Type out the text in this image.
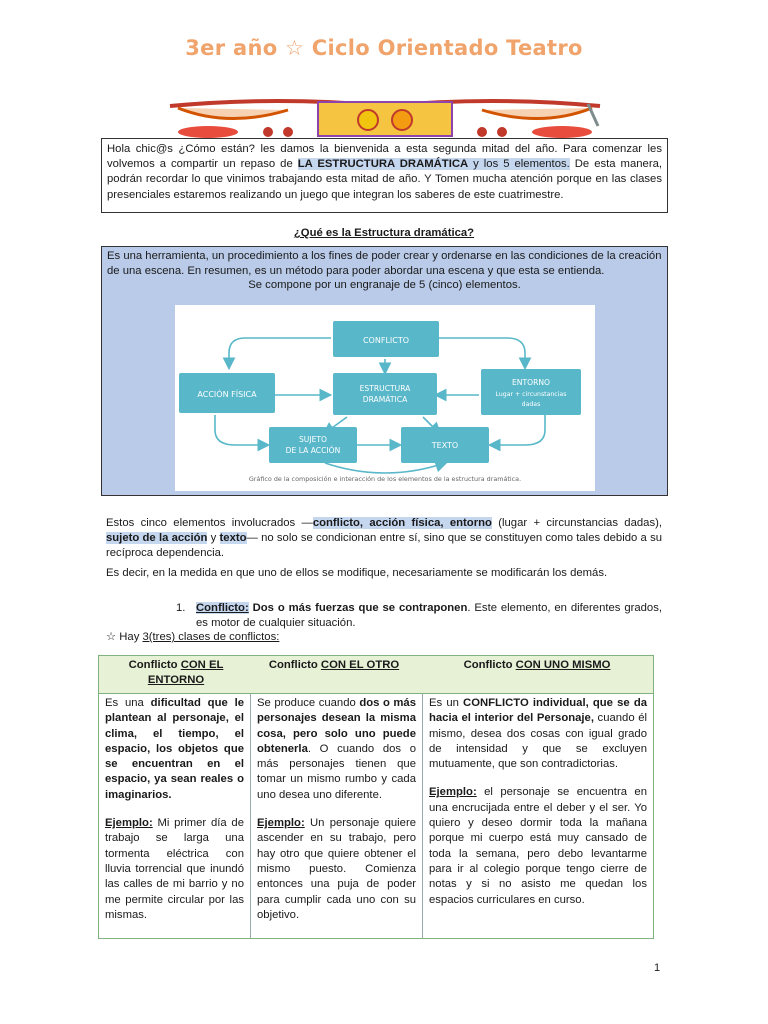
3er año ☆ Ciclo Orientado Teatro
Hola chic@s ¿Cómo están? les damos la bienvenida a esta segunda mitad del año. Para comenzar les volvemos a compartir un repaso de LA ESTRUCTURA DRAMÁTICA y los 5 elementos. De esta manera, podrán recordar lo que vinimos trabajando esta mitad de año. Y Tomen mucha atención porque en las clases presenciales estaremos realizando un juego que integran los saberes de este cuatrimestre.
¿Qué es la Estructura dramática?

Es una herramienta, un procedimiento a los fines de poder crear y ordenarse en las condiciones de la creación de una escena. En resumen, es un método para poder abordar una escena y que esta se entienda.

Se compone por un engranaje de 5 (cinco) elementos.

CONFLICTO
ACCIÓN FÍSICA
ESTRUCTURA
DRAMÁTICA
ENTORNO
Lugar + circunstancias
dadas
SUJETO
DE LA ACCIÓN
TEXTO
Gráfico de la composición e interacción de los elementos de la estructura dramática.
Estos cinco elementos involucrados —conflicto, acción física, entorno (lugar + circunstancias dadas), sujeto de la acción y texto— no solo se condicionan entre sí, sino que se constituyen como tales debido a su recíproca dependencia.
Es decir, en la medida en que uno de ellos se modifique, necesariamente se modificarán los demás.
1. Conflicto: Dos o más fuerzas que se contraponen. Este elemento, en diferentes grados, es motor de cualquier situación.
☆ Hay 3(tres) clases de conflictos:
Conflicto CON EL ENTORNO
Conflicto CON EL OTRO	Conflicto CON UNO MISMO
Es una dificultad que le plantean al personaje, el clima, el tiempo, el espacio, los objetos que se encuentran en el espacio, ya sean reales o imaginarios.
Ejemplo: Mi primer día de trabajo se larga una tormenta eléctrica con lluvia torrencial que inundó las calles de mi barrio y no me permite circular por las mismas.
Se produce cuando dos o más personajes desean la misma cosa, pero solo uno puede obtenerla. O cuando dos o más personajes tienen que tomar un mismo rumbo y cada uno desea uno diferente.
Ejemplo: Un personaje quiere ascender en su trabajo, pero hay otro que quiere obtener el mismo puesto. Comienza entonces una puja de poder para cumplir cada uno con su objetivo.
Es un CONFLICTO individual, que se da hacia el interior del Personaje, cuando él mismo, desea dos cosas con igual grado de intensidad y que se excluyen mutuamente, que son contradictorias.
Ejemplo: el personaje se encuentra en una encrucijada entre el deber y el ser. Yo quiero y deseo dormir toda la mañana porque mi cuerpo está muy cansado de toda la semana, pero debo levantarme para ir al colegio porque tengo cierre de notas y si no asisto me quedan los espacios curriculares en curso.
1
